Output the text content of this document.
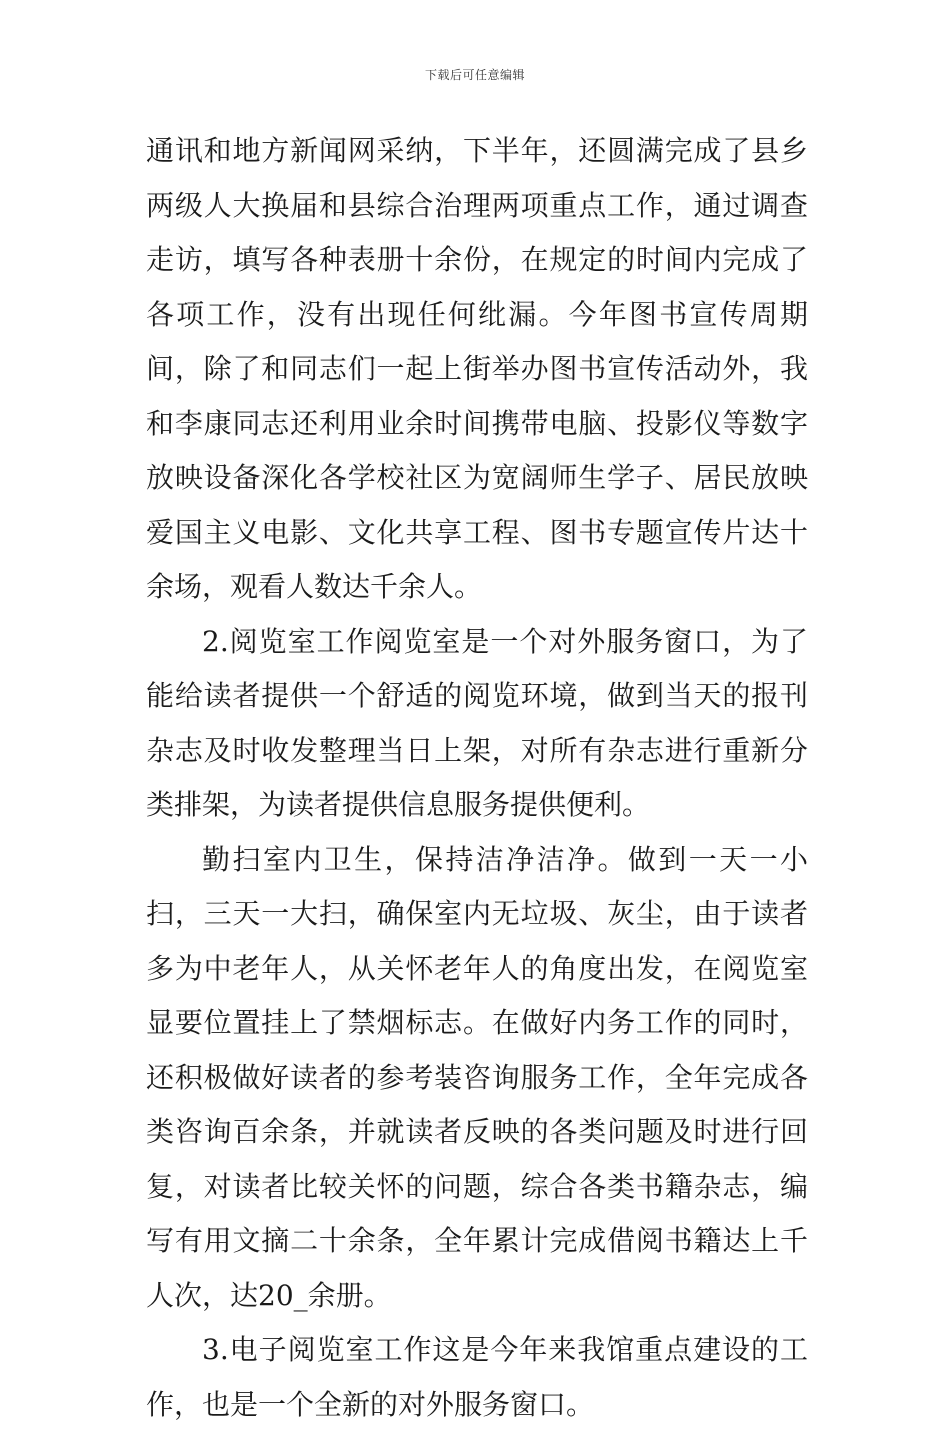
下载后可任意编辑

通讯和地方新闻网采纳，下半年，还圆满完成了县乡两级人大换届和县综合治理两项重点工作，通过调查走访，填写各种表册十余份，在规定的时间内完成了各项工作，没有出现任何纰漏。今年图书宣传周期间，除了和同志们一起上街举办图书宣传活动外，我和李康同志还利用业余时间携带电脑、投影仪等数字放映设备深化各学校社区为宽阔师生学子、居民放映爱国主义电影、文化共享工程、图书专题宣传片达十余场，观看人数达千余人。

2.阅览室工作阅览室是一个对外服务窗口，为了能给读者提供一个舒适的阅览环境，做到当天的报刊杂志及时收发整理当日上架，对所有杂志进行重新分类排架，为读者提供信息服务提供便利。

勤扫室内卫生，保持洁净洁净。做到一天一小扫，三天一大扫，确保室内无垃圾、灰尘，由于读者多为中老年人，从关怀老年人的角度出发，在阅览室显要位置挂上了禁烟标志。在做好内务工作的同时，还积极做好读者的参考装咨询服务工作，全年完成各类咨询百余条，并就读者反映的各类问题及时进行回复，对读者比较关怀的问题，综合各类书籍杂志，编写有用文摘二十余条，全年累计完成借阅书籍达上千人次，达20_余册。

3.电子阅览室工作这是今年来我馆重点建设的工作，也是一个全新的对外服务窗口。
